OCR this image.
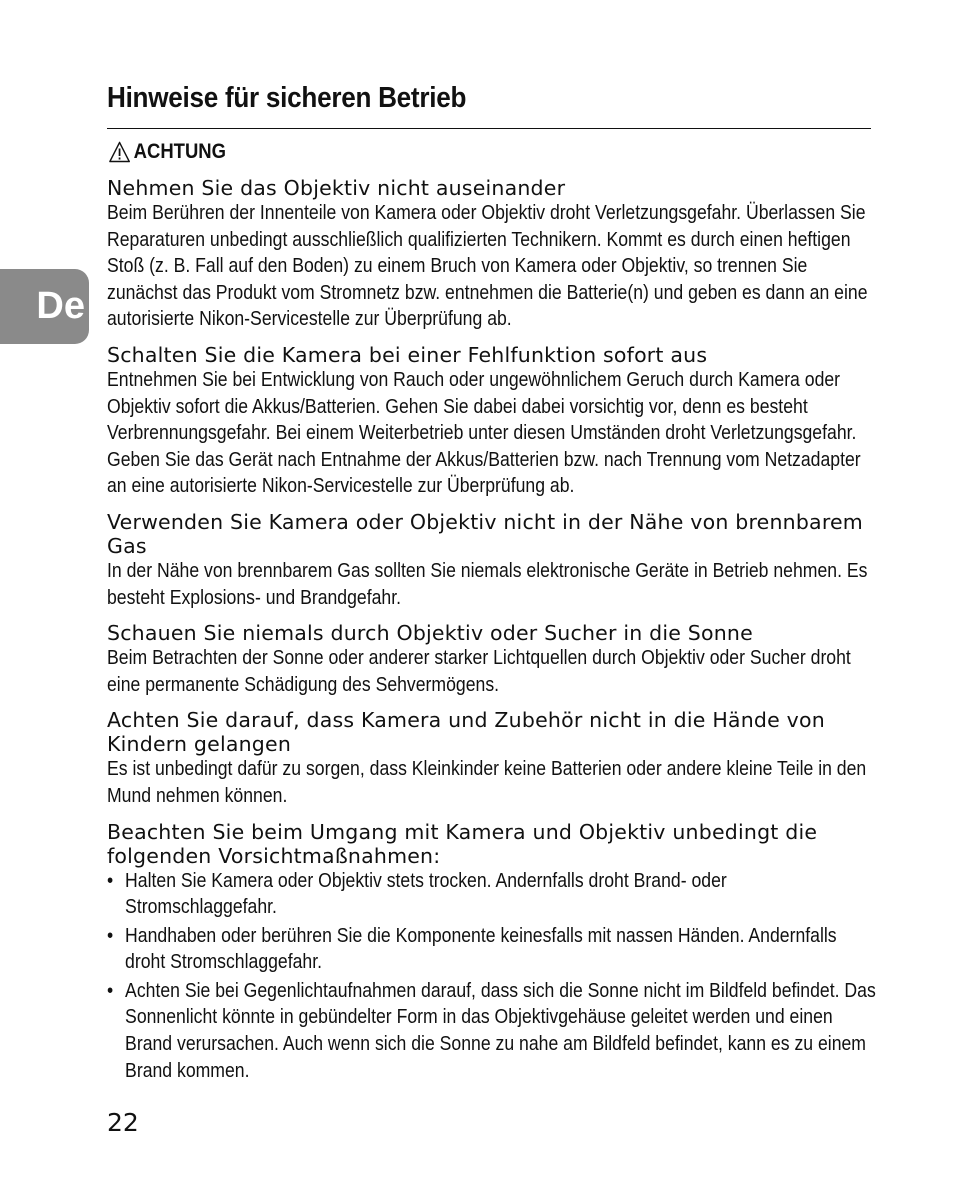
Hinweise für sicheren Betrieb
ACHTUNG
De
Nehmen Sie das Objektiv nicht auseinander
Beim Berühren der Innenteile von Kamera oder Objektiv droht Verletzungsgefahr. Überlassen Sie Reparaturen unbedingt ausschließlich qualifizierten Technikern. Kommt es durch einen heftigen Stoß (z. B. Fall auf den Boden) zu einem Bruch von Kamera oder Objektiv, so trennen Sie zunächst das Produkt vom Stromnetz bzw. entnehmen die Batterie(n) und geben es dann an eine autorisierte Nikon-Servicestelle zur Überprüfung ab.
Schalten Sie die Kamera bei einer Fehlfunktion sofort aus
Entnehmen Sie bei Entwicklung von Rauch oder ungewöhnlichem Geruch durch Kamera oder Objektiv sofort die Akkus/Batterien. Gehen Sie dabei dabei vorsichtig vor, denn es besteht Verbrennungsgefahr. Bei einem Weiterbetrieb unter diesen Umständen droht Verletzungsgefahr. Geben Sie das Gerät nach Entnahme der Akkus/Batterien bzw. nach Trennung vom Netzadapter an eine autorisierte Nikon-Servicestelle zur Überprüfung ab.
Verwenden Sie Kamera oder Objektiv nicht in der Nähe von brennbarem Gas
In der Nähe von brennbarem Gas sollten Sie niemals elektronische Geräte in Betrieb nehmen. Es besteht Explosions- und Brandgefahr.
Schauen Sie niemals durch Objektiv oder Sucher in die Sonne
Beim Betrachten der Sonne oder anderer starker Lichtquellen durch Objektiv oder Sucher droht eine permanente Schädigung des Sehvermögens.
Achten Sie darauf, dass Kamera und Zubehör nicht in die Hände von Kindern gelangen
Es ist unbedingt dafür zu sorgen, dass Kleinkinder keine Batterien oder andere kleine Teile in den Mund nehmen können.
Beachten Sie beim Umgang mit Kamera und Objektiv unbedingt die folgenden Vorsichtmaßnahmen:
• Halten Sie Kamera oder Objektiv stets trocken. Andernfalls droht Brand- oder Stromschlaggefahr.
• Handhaben oder berühren Sie die Komponente keinesfalls mit nassen Händen. Andernfalls droht Stromschlaggefahr.
• Achten Sie bei Gegenlichtaufnahmen darauf, dass sich die Sonne nicht im Bildfeld befindet. Das Sonnenlicht könnte in gebündelter Form in das Objektivgehäuse geleitet werden und einen Brand verursachen. Auch wenn sich die Sonne zu nahe am Bildfeld befindet, kann es zu einem Brand kommen.
22
